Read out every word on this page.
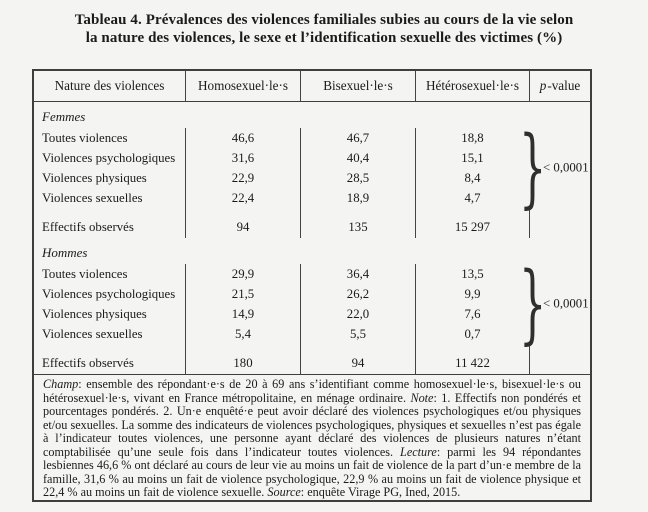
Tableau 4. Prévalences des violences familiales subies au cours de la vie selon
la nature des violences, le sexe et l’identification sexuelle des victimes (%)
Nature des violences	Homosexuel·le·s	Bisexuel·le·s	Hétérosexuel·le·s	p -value
Femmes
Toutes violences	46,6	46,7	18,8
Violences psychologiques	31,6	40,4	15,1
Violences physiques	22,9	28,5	8,4
Violences sexuelles	22,4	18,9	4,7
Effectifs observés	94	135	15 297
}
< 0,0001
Hommes
Toutes violences	29,9	36,4	13,5
Violences psychologiques	21,5	26,2	9,9
Violences physiques	14,9	22,0	7,6
Violences sexuelles	5,4	5,5	0,7
Effectifs observés	180	94	11 422
}
< 0,0001
Champ: ensemble des répondant·e·s de 20 à 69 ans s’identifiant comme homosexuel·le·s, bisexuel·le·s ou hétérosexuel·le·s, vivant en France métropolitaine, en ménage ordinaire. Note: 1. Effectifs non pondérés et pourcentages pondérés. 2. Un·e enquêté·e peut avoir déclaré des violences psychologiques et/ou physiques et/ou sexuelles. La somme des indicateurs de violences psychologiques, physiques et sexuelles n’est pas égale à l’indicateur toutes violences, une personne ayant déclaré des violences de plusieurs natures n’étant comptabilisée qu’une seule fois dans l’indicateur toutes violences. Lecture: parmi les 94 répondantes lesbiennes 46,6 % ont déclaré au cours de leur vie au moins un fait de violence de la part d’un·e membre de la famille, 31,6 % au moins un fait de violence psychologique, 22,9 % au moins un fait de violence physique et 22,4 % au moins un fait de violence sexuelle. Source: enquête Virage PG, Ined, 2015.
